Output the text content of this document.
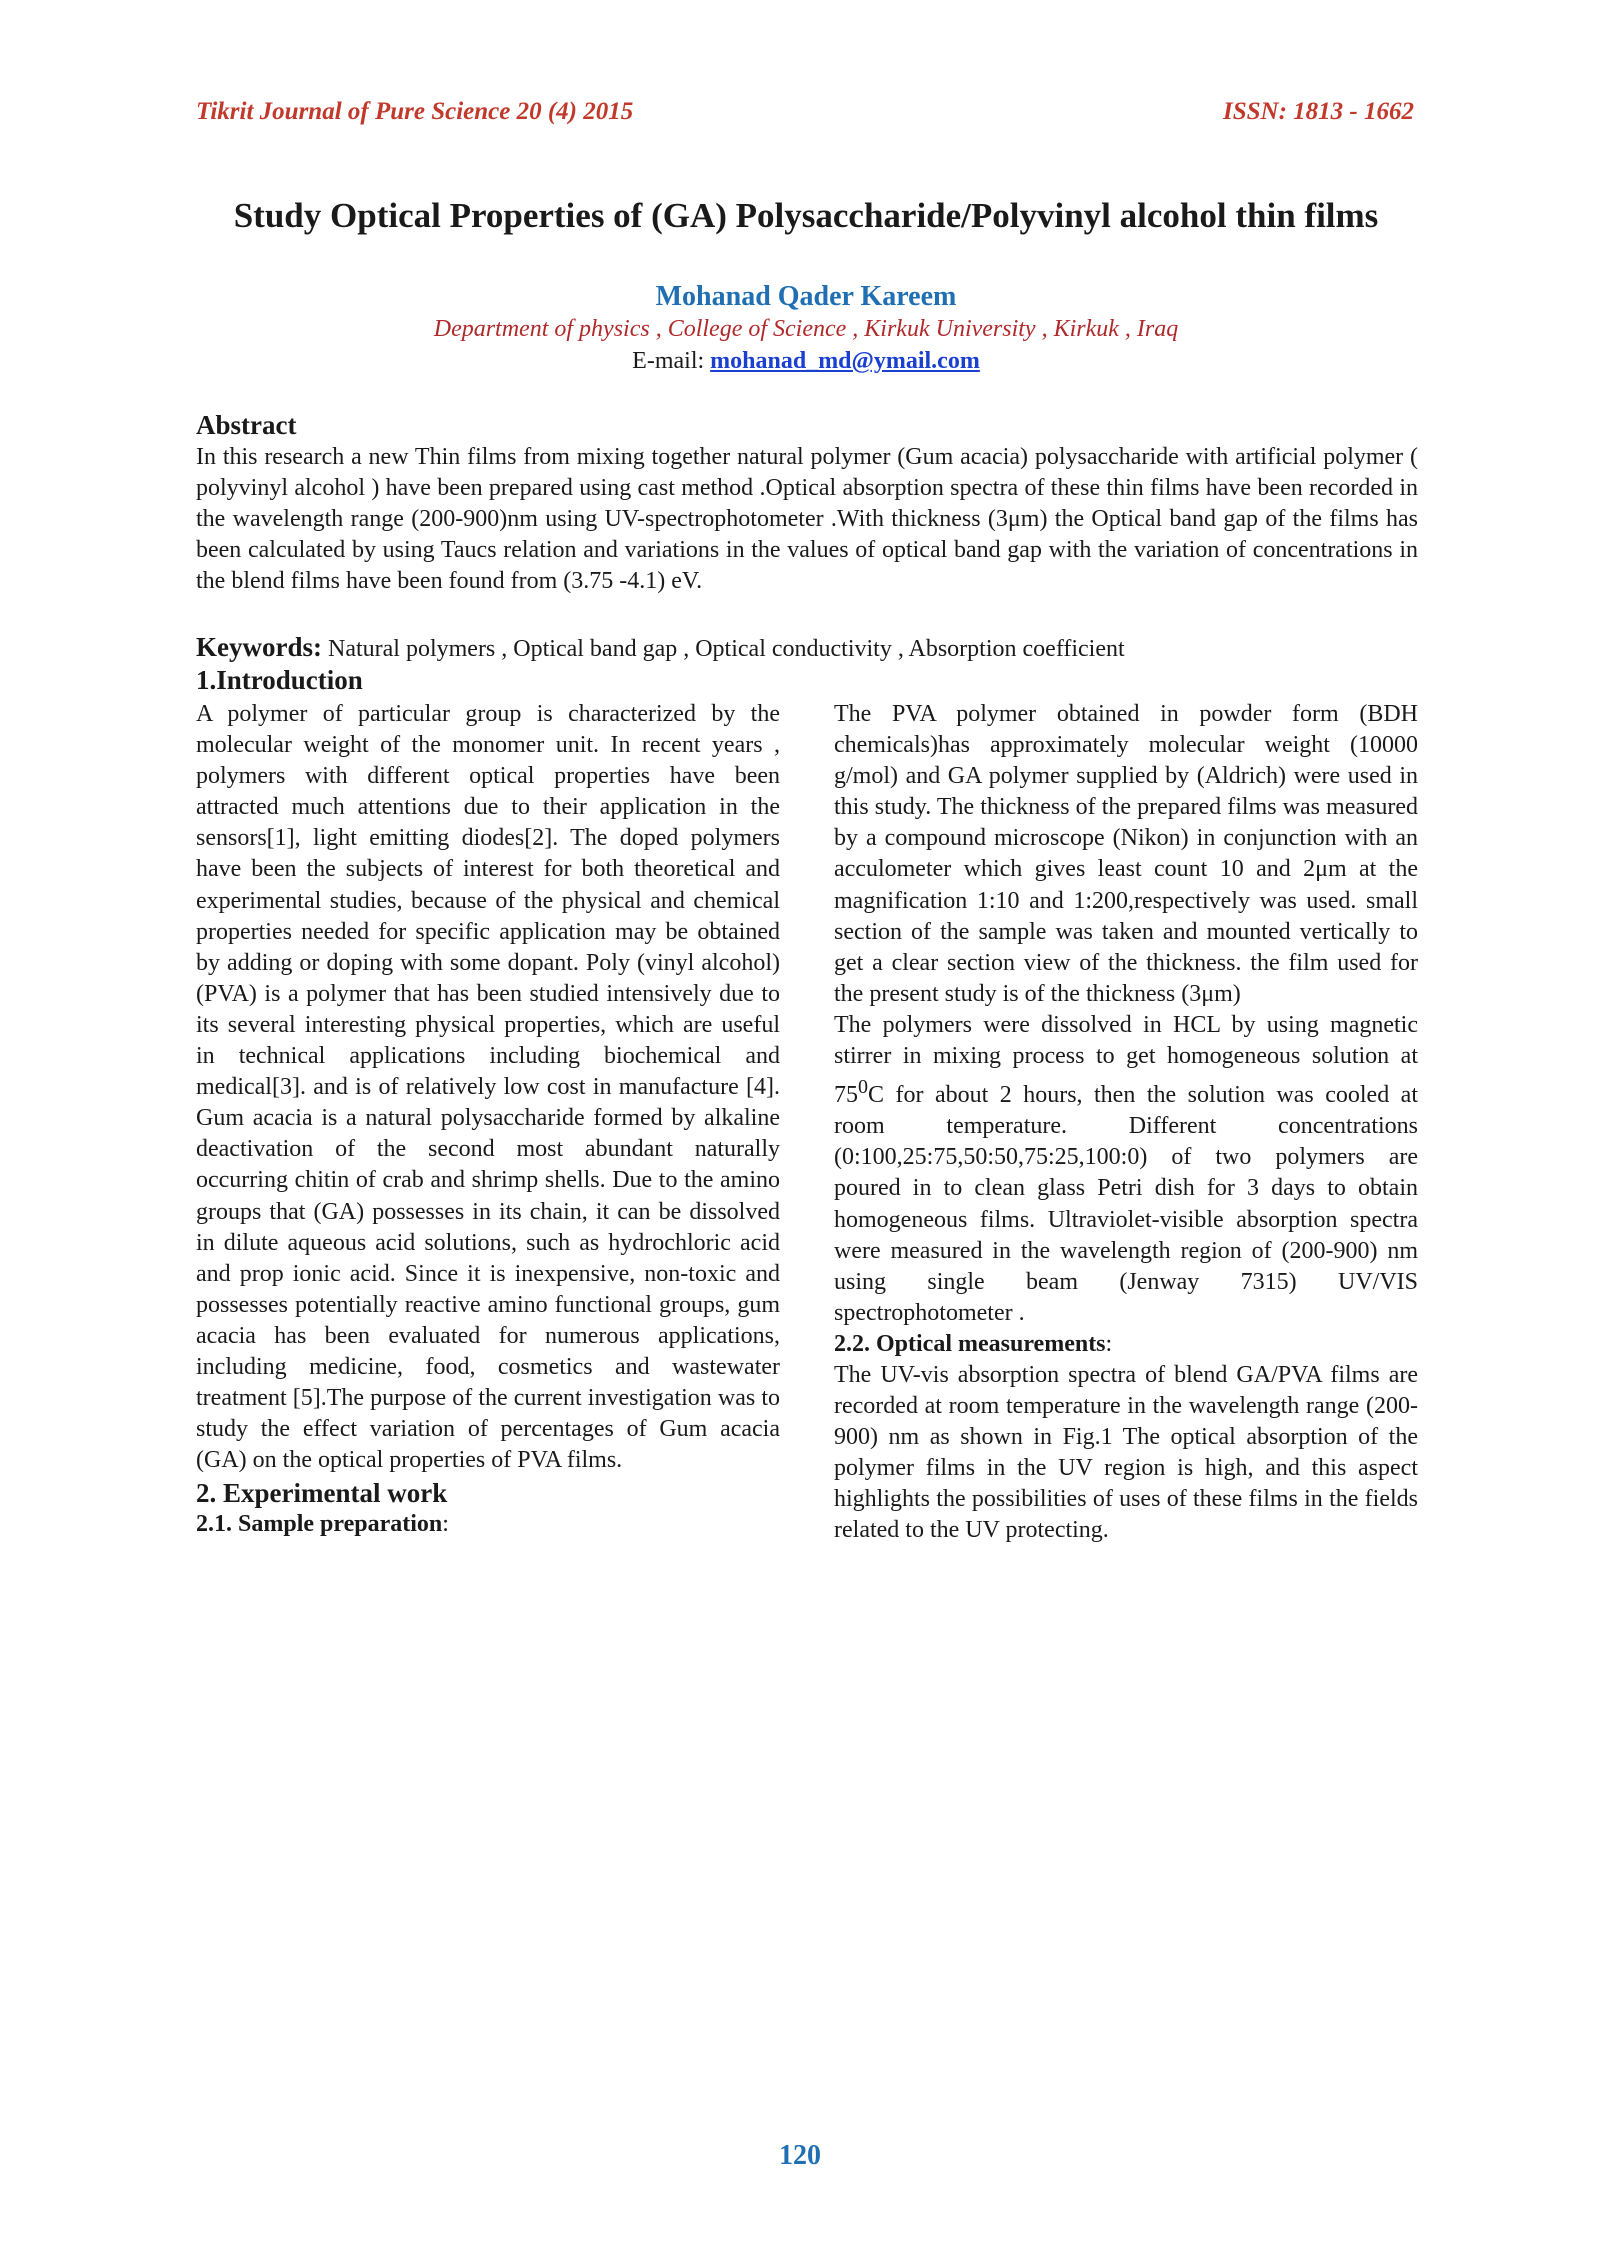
Tikrit Journal of Pure Science 20 (4) 2015	ISSN: 1813 - 1662
Study Optical Properties of (GA) Polysaccharide/Polyvinyl alcohol thin films
Mohanad Qader Kareem
Department of physics , College of Science , Kirkuk University , Kirkuk , Iraq
E-mail: mohanad_md@ymail.com
Abstract
In this research a new Thin films from mixing together natural polymer (Gum acacia) polysaccharide with artificial polymer ( polyvinyl alcohol ) have been prepared using cast method .Optical absorption spectra of these thin films have been recorded in the wavelength range (200-900)nm using UV-spectrophotometer .With thickness (3μm) the Optical band gap of the films has been calculated by using Taucs relation and variations in the values of optical band gap with the variation of concentrations in the blend films have been found from (3.75 -4.1) eV.
Keywords: Natural polymers , Optical band gap , Optical conductivity , Absorption coefficient
1.Introduction

A polymer of particular group is characterized by the molecular weight of the monomer unit. In recent years , polymers with different optical properties have been attracted much attentions due to their application in the sensors[1], light emitting diodes[2]. The doped polymers have been the subjects of interest for both theoretical and experimental studies, because of the physical and chemical properties needed for specific application may be obtained by adding or doping with some dopant. Poly (vinyl alcohol) (PVA) is a polymer that has been studied intensively due to its several interesting physical properties, which are useful in technical applications including biochemical and medical[3]. and is of relatively low cost in manufacture [4]. Gum acacia is a natural polysaccharide formed by alkaline deactivation of the second most abundant naturally occurring chitin of crab and shrimp shells. Due to the amino groups that (GA) possesses in its chain, it can be dissolved in dilute aqueous acid solutions, such as hydrochloric acid and prop ionic acid. Since it is inexpensive, non-toxic and possesses potentially reactive amino functional groups, gum acacia has been evaluated for numerous applications, including medicine, food, cosmetics and wastewater treatment [5].The purpose of the current investigation was to study the effect variation of percentages of Gum acacia (GA) on the optical properties of PVA films.

2. Experimental work

2.1. Sample preparation:

The PVA polymer obtained in powder form (BDH chemicals)has approximately molecular weight (10000 g/mol) and GA polymer supplied by (Aldrich) were used in this study. The thickness of the prepared films was measured by a compound microscope (Nikon) in conjunction with an acculometer which gives least count 10 and 2μm at the magnification 1:10 and 1:200,respectively was used. small section of the sample was taken and mounted vertically to get a clear section view of the thickness. the film used for the present study is of the thickness (3μm)

The polymers were dissolved in HCL by using magnetic stirrer in mixing process to get homogeneous solution at $75^0C$ for about 2 hours, then the solution was cooled at room temperature. Different concentrations (0:100,25:75,50:50,75:25,100:0) of two polymers are poured in to clean glass Petri dish for 3 days to obtain homogeneous films. Ultraviolet-visible absorption spectra were measured in the wavelength region of (200-900) nm using single beam (Jenway 7315) UV/VIS spectrophotometer .

2.2. Optical measurements:

The UV-vis absorption spectra of blend GA/PVA films are recorded at room temperature in the wavelength range (200-900) nm as shown in Fig.1 The optical absorption of the polymer films in the UV region is high, and this aspect highlights the possibilities of uses of these films in the fields related to the UV protecting.

120
